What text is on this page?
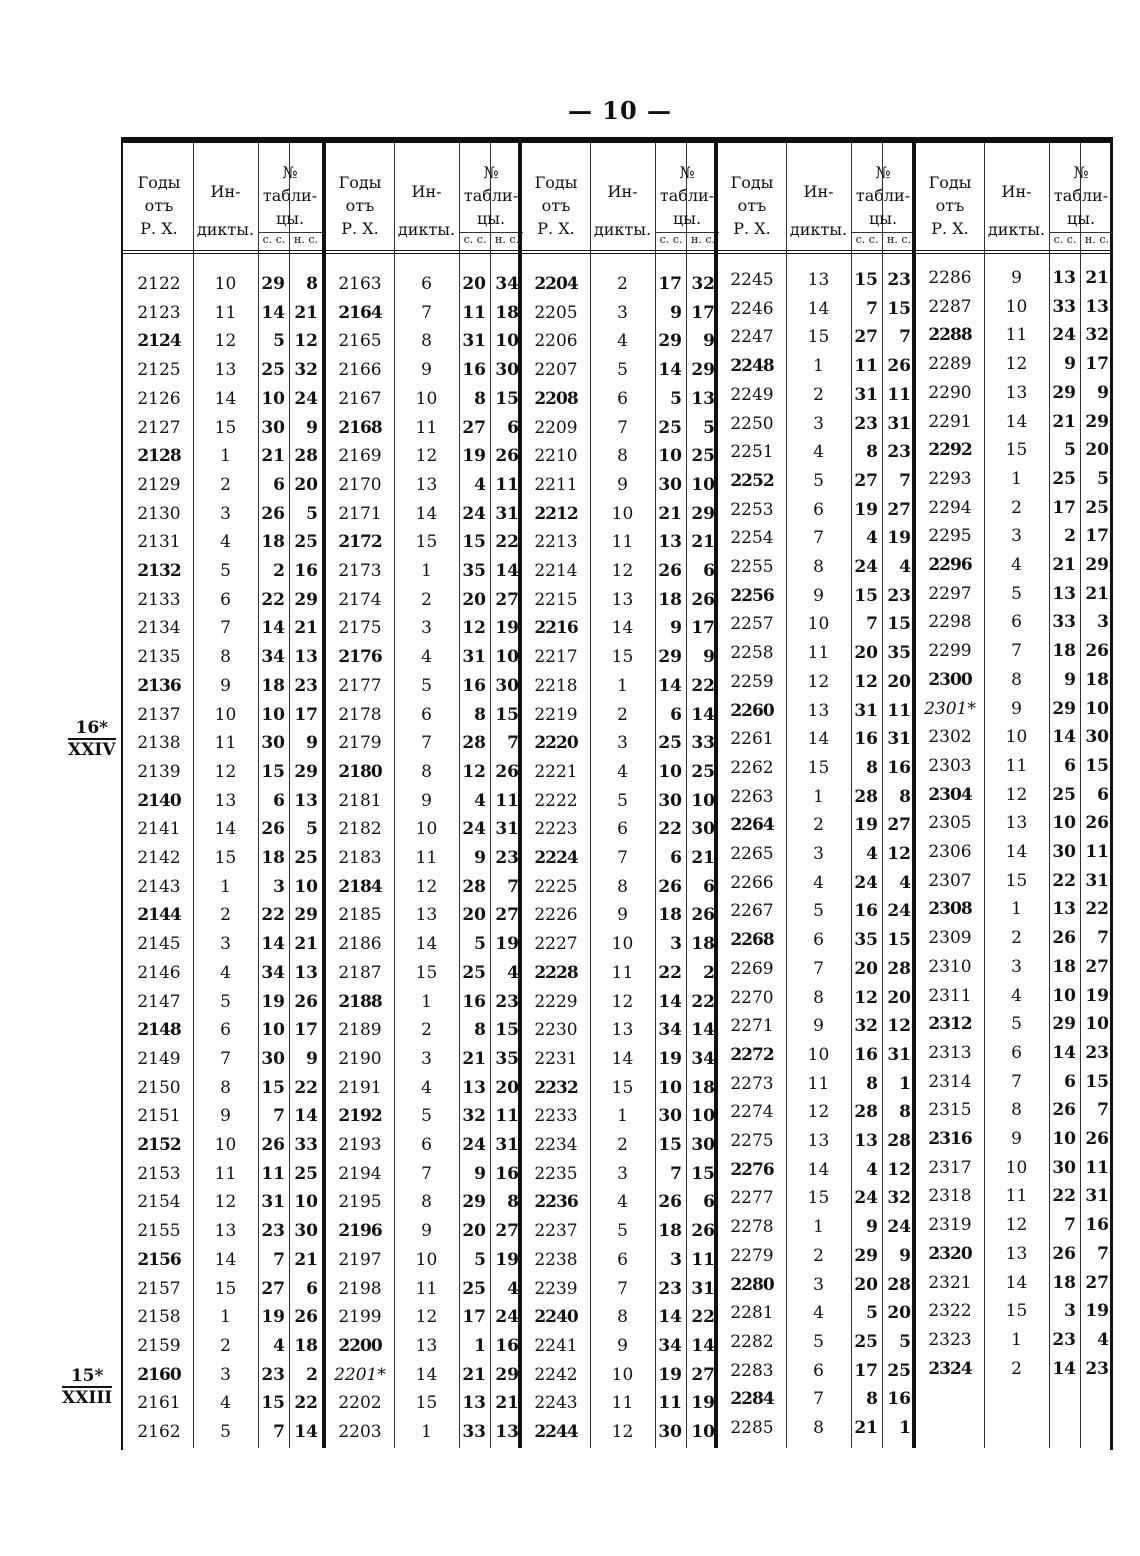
— 10 —
Годы
отъ
Р. Х.
Ин-
дикты.
№
табли-
цы.
с. с. н. с.
2122	10	29	8
2123	11	14 21
2124	12	5 12
2125	13	25 32
2126	14	10 24
2127	15	30	9
2128	1	21 28
2129	2	6 20
2130	3	26	5
2131	4	18 25
2132	5	2 16
2133	6	22 29
2134	7	14 21
2135	8	34 13
2136	9	18 23
2137	10	10 17
2138	11	30	9
2139	12	15 29
2140	13	6 13
2141	14	26	5
2142	15	18 25
2143	1	3 10
2144	2	22 29
2145	3	14 21
2146	4	34 13
2147	5	19 26
2148	6	10 17
2149	7	30	9
2150	8	15 22
2151	9	7 14
2152	10	26 33
2153	11	11 25
2154	12	31 10
2155	13	23 30
2156	14	7 21
2157	15	27	6
2158	1	19 26
2159	2	4 18
2160	3	23	2
2161	4	15 22
2162	5	7 14
Годы
отъ
Р. Х.
Ин-
дикты.
№
табли-
цы.
с. с. н. с.
2163	6	20 34
2164	7	11 18
2165	8	31 10
2166	9	16 30
2167	10	8 15
2168	11	27	6
2169	12	19 26
2170	13	4 11
2171	14	24 31
2172	15	15 22
2173	1	35 14
2174	2	20 27
2175	3	12 19
2176	4	31 10
2177	5	16 30
2178	6	8 15
2179	7	28	7
2180	8	12 26
2181	9	4 11
2182	10	24 31
2183	11	9 23
2184	12	28	7
2185	13	20 27
2186	14	5 19
2187	15	25	4
2188	1	16 23
2189	2	8 15
2190	3	21 35
2191	4	13 20
2192	5	32 11
2193	6	24 31
2194	7	9 16
2195	8	29	8
2196	9	20 27
2197	10	5 19
2198	11	25	4
2199	12	17 24
2200	13	1 16
2201*	14	21 29
2202	15	13 21
2203	1	33 13
Годы
отъ
Р. Х.
Ин-
дикты.
№
табли-
цы.
с. с. н. с.
2204	2	17 32
2205	3	9 17
2206	4	29	9
2207	5	14 29
2208	6	5 13
2209	7	25	5
2210	8	10 25
2211	9	30 10
2212	10	21 29
2213	11	13 21
2214	12	26	6
2215	13	18 26
2216	14	9 17
2217	15	29	9
2218	1	14 22
2219	2	6 14
2220	3	25 33
2221	4	10 25
2222	5	30 10
2223	6	22 30
2224	7	6 21
2225	8	26	6
2226	9	18 26
2227	10	3 18
2228	11	22	2
2229	12	14 22
2230	13	34 14
2231	14	19 34
2232	15	10 18
2233	1	30 10
2234	2	15 30
2235	3	7 15
2236	4	26	6
2237	5	18 26
2238	6	3 11
2239	7	23 31
2240	8	14 22
2241	9	34 14
2242	10	19 27
2243	11	11 19
2244	12	30 10
Годы
отъ
Р. Х.
Ин-
дикты.
№
табли-
цы.
с. с. н. с.
2245	13	15 23
2246	14	7 15
2247	15	27	7
2248	1	11 26
2249	2	31 11
2250	3	23 31
2251	4	8 23
2252	5	27	7
2253	6	19 27
2254	7	4 19
2255	8	24	4
2256	9	15 23
2257	10	7 15
2258	11	20 35
2259	12	12 20
2260	13	31 11
2261	14	16 31
2262	15	8 16
2263	1	28	8
2264	2	19 27
2265	3	4 12
2266	4	24	4
2267	5	16 24
2268	6	35 15
2269	7	20 28
2270	8	12 20
2271	9	32 12
2272	10	16 31
2273	11	8	1
2274	12	28	8
2275	13	13 28
2276	14	4 12
2277	15	24 32
2278	1	9 24
2279	2	29	9
2280	3	20 28
2281	4	5 20
2282	5	25	5
2283	6	17 25
2284	7	8 16
2285	8	21	1
Годы
отъ
Р. Х.
Ин-
дикты.
№
табли-
цы.
с. с. н. с.
2286	9	13 21
2287	10	33 13
2288	11	24 32
2289	12	9 17
2290	13	29	9
2291	14	21 29
2292	15	5 20
2293	1	25	5
2294	2	17 25
2295	3	2 17
2296	4	21 29
2297	5	13 21
2298	6	33	3
2299	7	18 26
2300	8	9 18
2301*	9	29 10
2302	10	14 30
2303	11	6 15
2304	12	25	6
2305	13	10 26
2306	14	30 11
2307	15	22 31
2308	1	13 22
2309	2	26	7
2310	3	18 27
2311	4	10 19
2312	5	29 10
2313	6	14 23
2314	7	6 15
2315	8	26	7
2316	9	10 26
2317	10	30 11
2318	11	22 31
2319	12	7 16
2320	13	26	7
2321	14	18 27
2322	15	3 19
2323	1	23	4
2324	2	14 23
16*
XXIV
15*
XXIII
